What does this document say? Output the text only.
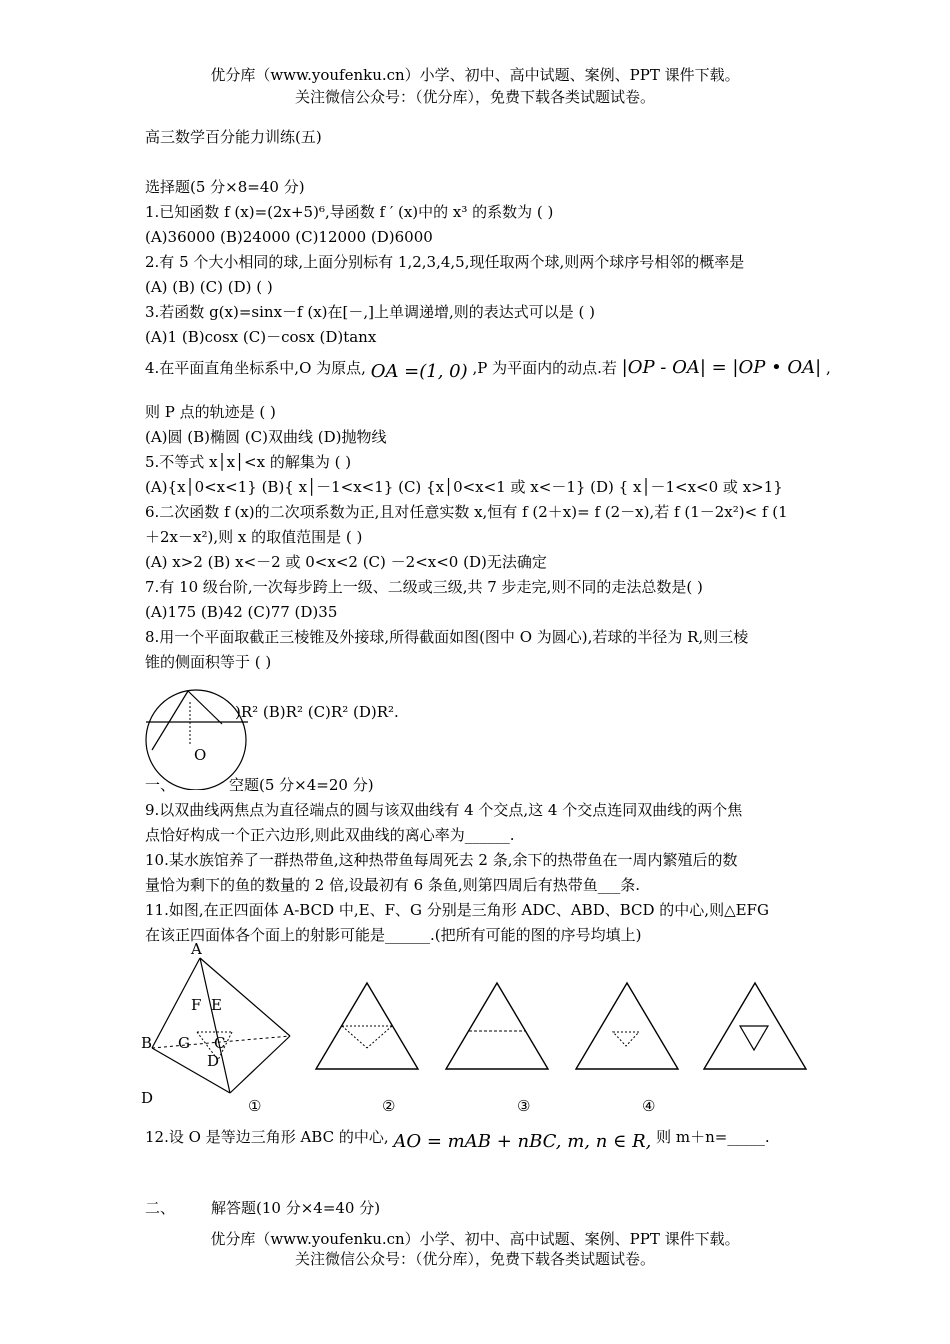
优分库（www.youfenku.cn）小学、初中、高中试题、案例、PPT 课件下载。
关注微信公众号：（优分库），免费下载各类试题试卷。
高三数学百分能力训练(五)
选择题(5 分×8=40 分)
1.已知函数 f (x)=(2x+5)⁶,导函数 f ′ (x)中的 x³ 的系数为 ( )
(A)36000 (B)24000 (C)12000 (D)6000
2.有 5 个大小相同的球,上面分别标有 1,2,3,4,5,现任取两个球,则两个球序号相邻的概率是
(A) (B) (C) (D) ( )
3.若函数 g(x)=sinx－f (x)在[－,]上单调递增,则的表达式可以是 ( )
(A)1 (B)cosx (C)－cosx (D)tanx
4.在平面直角坐标系中,O 为原点, OA =(1, 0) ,P 为平面内的动点.若 |OP - OA| = |OP • OA| ,
则 P 点的轨迹是 ( )
(A)圆 (B)椭圆 (C)双曲线 (D)抛物线
5.不等式 x│x│<x 的解集为 ( )
(A){x│0<x<1} (B){ x│－1<x<1} (C) {x│0<x<1 或 x<－1} (D) { x│－1<x<0 或 x>1}
6.二次函数 f (x)的二次项系数为正,且对任意实数 x,恒有 f (2＋x)= f (2－x),若 f (1－2x²)< f (1
＋2x－x²),则 x 的取值范围是 ( )
(A) x>2 (B) x<－2 或 0<x<2 (C) －2<x<0 (D)无法确定
7.有 10 级台阶,一次每步跨上一级、二级或三级,共 7 步走完,则不同的走法总数是( )
(A)175 (B)42 (C)77 (D)35
8.用一个平面取截正三棱锥及外接球,所得截面如图(图中 O 为圆心),若球的半径为 R,则三棱
锥的侧面积等于 ( )
O
)R² (B)R² (C)R² (D)R².
一、	空题(5 分×4=20 分)
9.以双曲线两焦点为直径端点的圆与该双曲线有 4 个交点,这 4 个交点连同双曲线的两个焦
点恰好构成一个正六边形,则此双曲线的离心率为______.
10.某水族馆养了一群热带鱼,这种热带鱼每周死去 2 条,余下的热带鱼在一周内繁殖后的数
量恰为剩下的鱼的数量的 2 倍,设最初有 6 条鱼,则第四周后有热带鱼___条.
11.如图,在正四面体 A-BCD 中,E、F、G 分别是三角形 ADC、ABD、BCD 的中心,则△EFG
在该正四面体各个面上的射影可能是______.(把所有可能的图的序号均填上)
A
F E
B G C
D
D	①	②	③	④
12.设 O 是等边三角形 ABC 的中心, AO = mAB + nBC, m, n ∈ R, 则 m＋n=_____.
二、 解答题(10 分×4=40 分)
优分库（www.youfenku.cn）小学、初中、高中试题、案例、PPT 课件下载。
关注微信公众号：（优分库），免费下载各类试题试卷。
